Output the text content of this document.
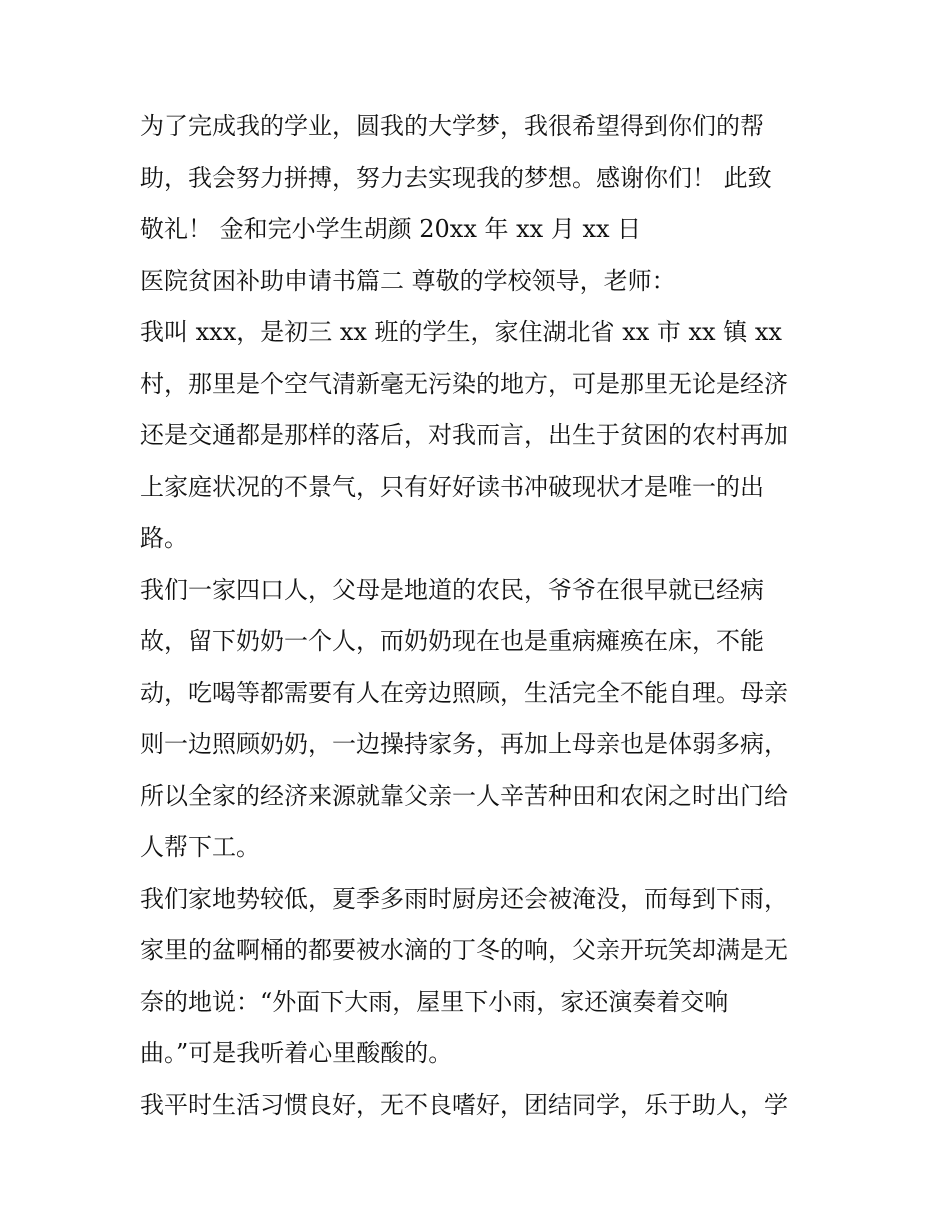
为了完成我的学业，圆我的大学梦，我很希望得到你们的帮
助，我会努力拼搏，努力去实现我的梦想。感谢你们！ 此致
敬礼！ 金和完小学生胡颜 20xx 年 xx 月 xx 日
医院贫困补助申请书篇二 尊敬的学校领导，老师：
我叫 xxx，是初三 xx 班的学生，家住湖北省 xx 市 xx 镇 xx
村，那里是个空气清新毫无污染的地方，可是那里无论是经济
还是交通都是那样的落后，对我而言，出生于贫困的农村再加
上家庭状况的不景气，只有好好读书冲破现状才是唯一的出
路。
我们一家四口人，父母是地道的农民，爷爷在很早就已经病
故，留下奶奶一个人，而奶奶现在也是重病瘫痪在床，不能
动，吃喝等都需要有人在旁边照顾，生活完全不能自理。母亲
则一边照顾奶奶，一边操持家务，再加上母亲也是体弱多病，
所以全家的经济来源就靠父亲一人辛苦种田和农闲之时出门给
人帮下工。
我们家地势较低，夏季多雨时厨房还会被淹没，而每到下雨，
家里的盆啊桶的都要被水滴的丁冬的响，父亲开玩笑却满是无
奈的地说：“外面下大雨，屋里下小雨，家还演奏着交响
曲。”可是我听着心里酸酸的。
我平时生活习惯良好，无不良嗜好，团结同学，乐于助人，学
